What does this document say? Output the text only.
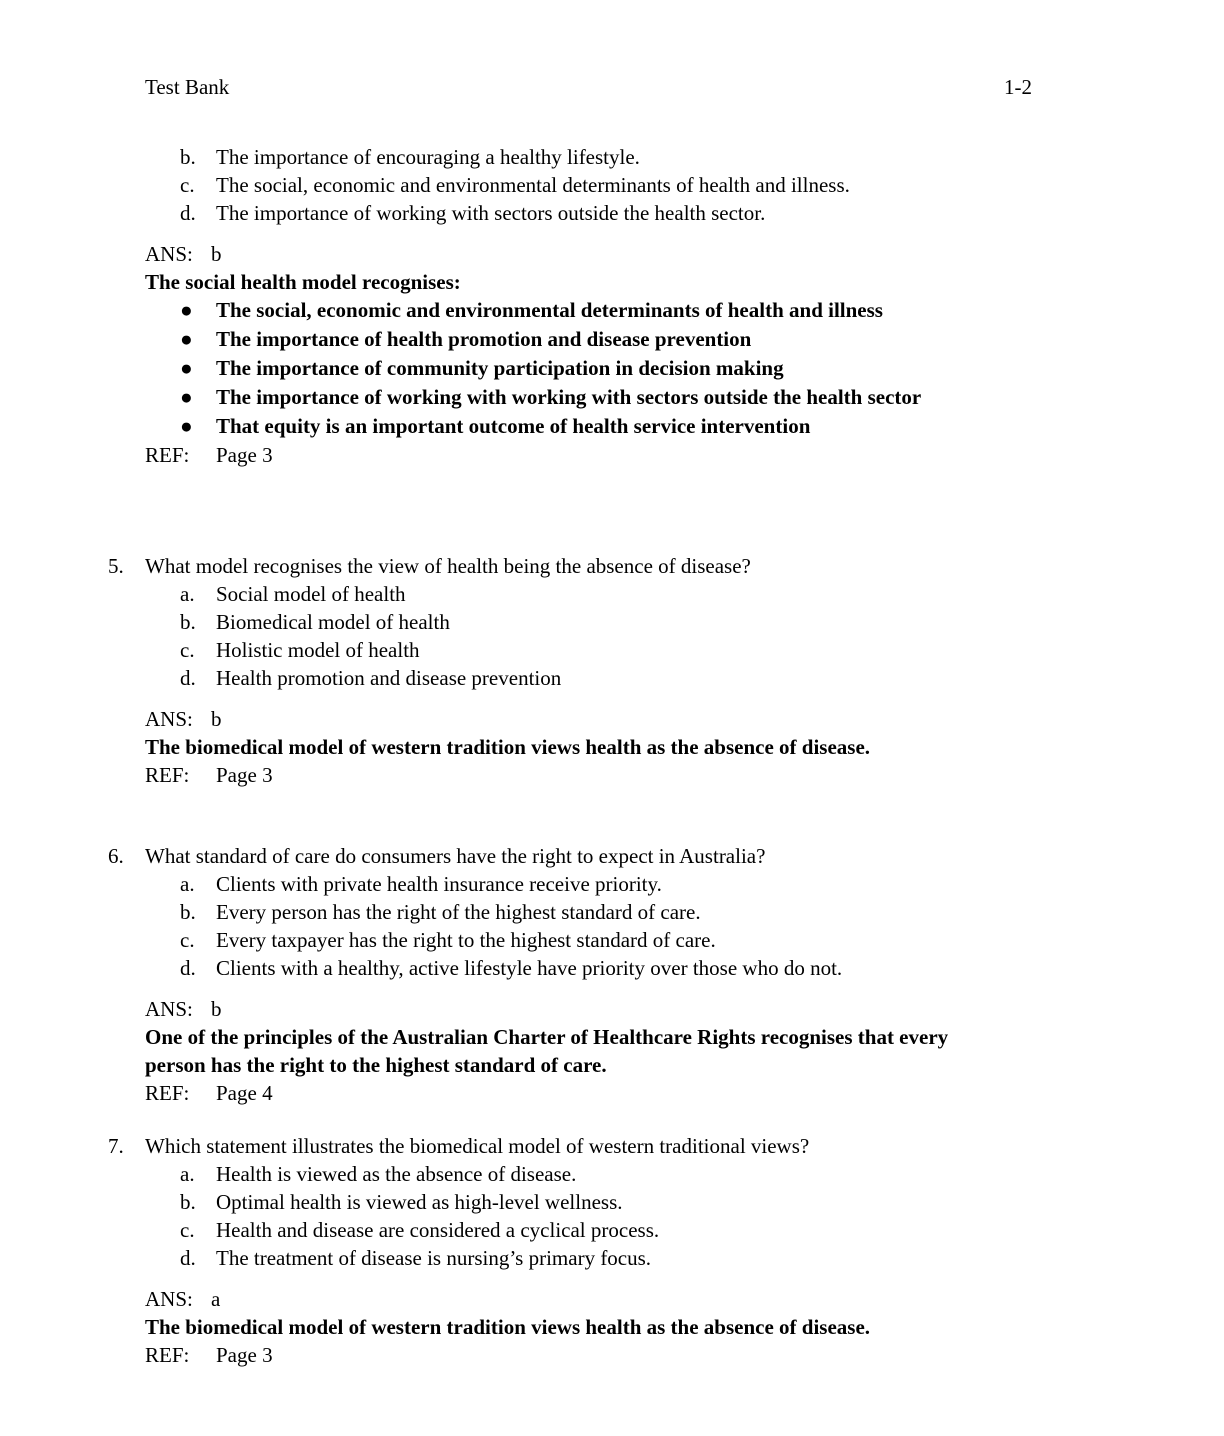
Test Bank	1-2
b. The importance of encouraging a healthy lifestyle.
c. The social, economic and environmental determinants of health and illness.
d. The importance of working with sectors outside the health sector.
ANS: b
The social health model recognises:
● The social, economic and environmental determinants of health and illness
● The importance of health promotion and disease prevention
● The importance of community participation in decision making
● The importance of working with working with sectors outside the health sector
● That equity is an important outcome of health service intervention
REF: Page 3
5. What model recognises the view of health being the absence of disease?
a. Social model of health
b. Biomedical model of health
c. Holistic model of health
d. Health promotion and disease prevention
ANS: b
The biomedical model of western tradition views health as the absence of disease.
REF: Page 3
6. What standard of care do consumers have the right to expect in Australia?
a. Clients with private health insurance receive priority.
b. Every person has the right of the highest standard of care.
c. Every taxpayer has the right to the highest standard of care.
d. Clients with a healthy, active lifestyle have priority over those who do not.
ANS: b
One of the principles of the Australian Charter of Healthcare Rights recognises that every person has the right to the highest standard of care.
REF: Page 4
7. Which statement illustrates the biomedical model of western traditional views?
a. Health is viewed as the absence of disease.
b. Optimal health is viewed as high-level wellness.
c. Health and disease are considered a cyclical process.
d. The treatment of disease is nursing’s primary focus.
ANS: a
The biomedical model of western tradition views health as the absence of disease.
REF: Page 3
